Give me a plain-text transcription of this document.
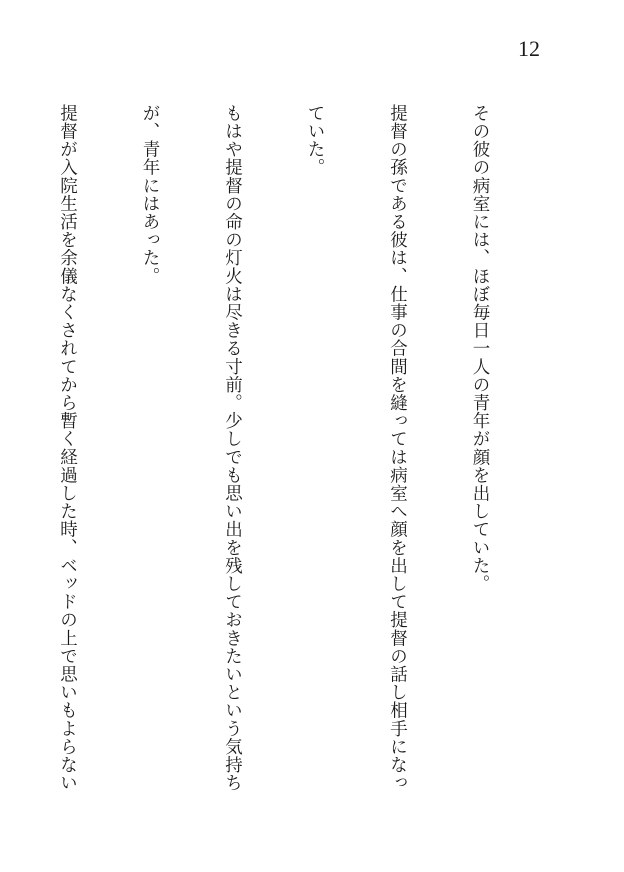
12

その彼の病室には、ほぼ毎日一人の青年が顔を出していた。

提督の孫である彼は、仕事の合間を縫っては病室へ顔を出して提督の話し相手になっ

ていた。

もはや提督の命の灯火は尽きる寸前。少しでも思い出を残しておきたいという気持ち

が、青年にはあった。

提督が入院生活を余儀なくされてから暫く経過した時、ベッドの上で思いもよらない
